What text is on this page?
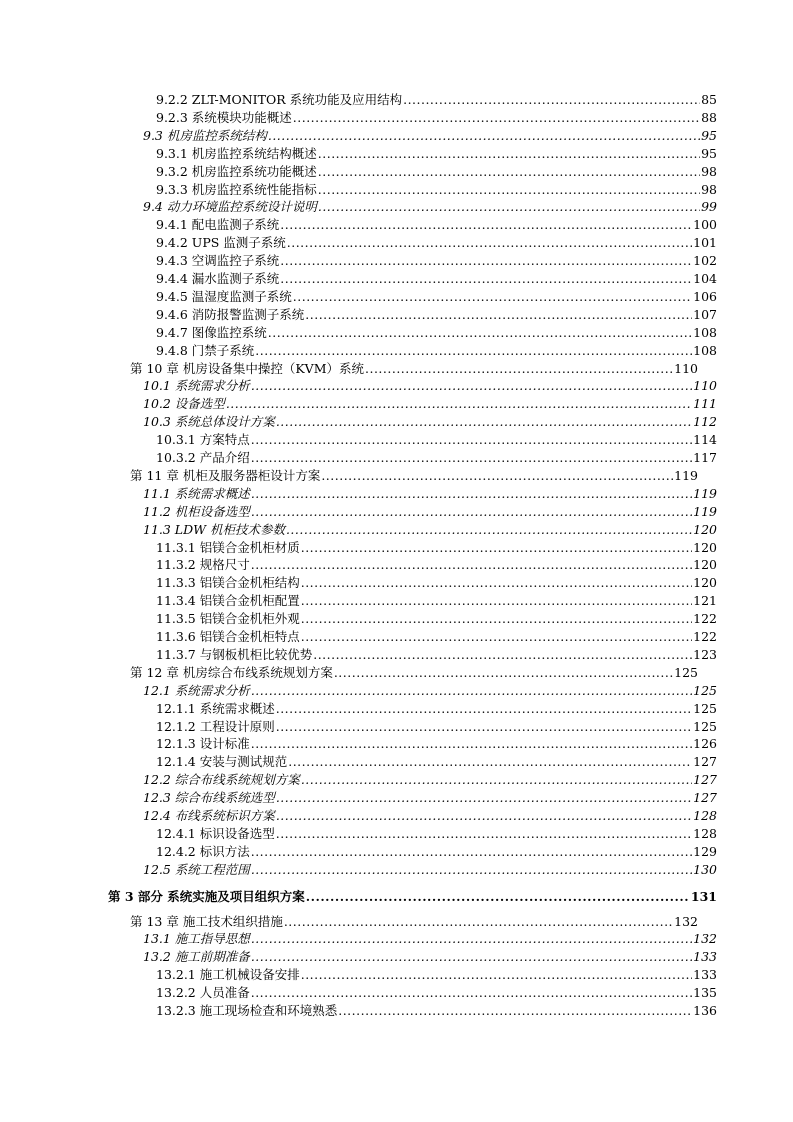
9.2.2 ZLT-MONITOR 系统功能及应用结构 .....	85
9.2.3 系统模块功能概述 .....	88
9.3 机房监控系统结构 .....	95
9.3.1 机房监控系统结构概述 .....	95
9.3.2 机房监控系统功能概述 .....	98
9.3.3 机房监控系统性能指标 .....	98
9.4 动力环境监控系统设计说明 .....	99
9.4.1 配电监测子系统 .....	100
9.4.2 UPS 监测子系统 .....	101
9.4.3 空调监控子系统 .....	102
9.4.4 漏水监测子系统 .....	104
9.4.5 温湿度监测子系统 .....	106
9.4.6 消防报警监测子系统 .....	107
9.4.7 图像监控系统 .....	108
9.4.8 门禁子系统 .....	108
第 10 章 机房设备集中操控（KVM）系统 .....	110
10.1 系统需求分析 .....	110
10.2 设备选型 .....	111
10.3 系统总体设计方案 .....	112
10.3.1 方案特点 .....	114
10.3.2 产品介绍 .....	117
第 11 章 机柜及服务器柜设计方案 .....	119
11.1 系统需求概述 .....	119
11.2 机柜设备选型 .....	119
11.3 LDW 机柜技术参数 .....	120
11.3.1 铝镁合金机柜材质 .....	120
11.3.2 规格尺寸 .....	120
11.3.3 铝镁合金机柜结构 .....	120
11.3.4 铝镁合金机柜配置 .....	121
11.3.5 铝镁合金机柜外观 .....	122
11.3.6 铝镁合金机柜特点 .....	122
11.3.7 与钢板机柜比较优势 .....	123
第 12 章 机房综合布线系统规划方案 .....	125
12.1 系统需求分析 .....	125
12.1.1 系统需求概述 .....	125
12.1.2 工程设计原则 .....	125
12.1.3 设计标准 .....	126
12.1.4 安装与测试规范 .....	127
12.2 综合布线系统规划方案 .....	127
12.3 综合布线系统选型 .....	127
12.4 布线系统标识方案 .....	128
12.4.1 标识设备选型 .....	128
12.4.2 标识方法 .....	129
12.5 系统工程范围 .....	130
第 3 部分 系统实施及项目组织方案 .....	131
第 13 章 施工技术组织措施 .....	132
13.1 施工指导思想 .....	132
13.2 施工前期准备 .....	133
13.2.1 施工机械设备安排 .....	133
13.2.2 人员准备 .....	135
13.2.3 施工现场检查和环境熟悉 .....	136
